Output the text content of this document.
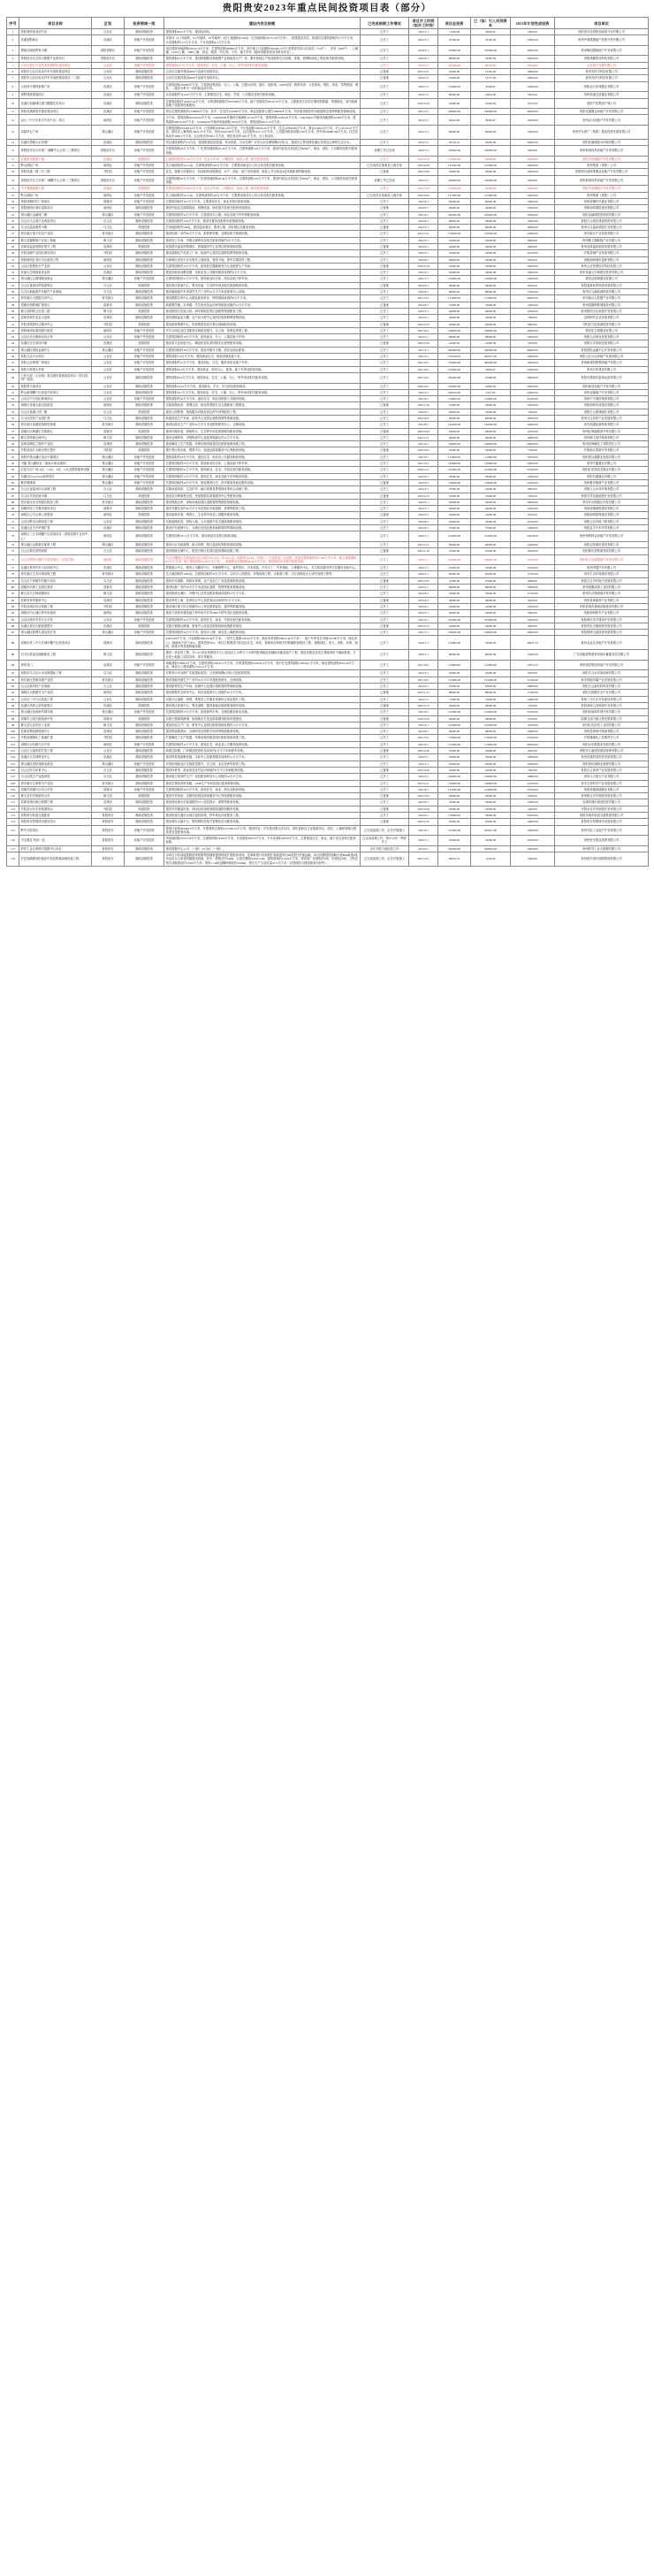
贵阳贵安2023年重点民间投资项目表（部分）
序号	项目名称	区划	投资领域一级	建设内容及规模	已完成前期工作情况	项目开工时间（拟开工时间）	项目总投资	已（拟）引入民间资本	2023年计划完成投资	项目单位
1	贵阳建塔加油加气站	云岩区	基础设施投资	建筑面积4021平方米，建设加油站。	已开工	2022/1/1	11020.00	8000.00	2000.00	贵阳省长局贵阳加油加气站有限公司
2	花溪富黔新区	花溪区	房地产开发投资	本项目（6-1号地块、6-2号地块、10号地块）3宗土地面积65.66亩（总用地面积43772.34平方米），拟建建设多层、拟建的总建筑面积约17万平方米，计容面积约12.5万平方米，不计容面积4.5万平方米。	已开工	2022/7/1	33160.00	33160.00	23842.00	贵州中城建置地产投资开发有限公司
3	观新区翰创教育小镇	贵阳观新区	房地产开发投资	项目建设用地面积106107.9平方米，总建筑面积368000平方米，其中地上计容面积263269.75平方米建设内容为含高层（374户）、洋房（498户）、公寓楼、LOFT公寓、5080公寓、商业、配套、幼儿园、小学、地下车库（地块项配套民营非机动车位）。	已开工	2019/3/1	370000.00	370000.00	20000.00	贵州翰创置地地产开发有限公司
4	贵阳经开区总部大数据产业园项目	贵阳经开区	基础设施投资	建筑面积23万平方米，建设数据服务基地暨产业基地及水产厂房、服务基地生产线及配套生活设施、设施、管网和绿化工程及相关配套设施。	已开工	2020/4/1	80000.00	35495.00	24000.00	贵阳鸿鹏智造科技有限公司
5	云岩区智汇产业技术成果转化建设项目	云岩区	房地产开发投资	建筑面积33.4万平方米，建设酒店、住宅、公寓、办公、停车场及相关配套设施。	已开工	2023/1/5	262606.00	86165.00	10000.00	云岩智产业置有限公司
6	贵阳市云岩区电动汽车充电桩建设项目	云岩区	基础设施投资	云岩区实施内建设2000个直流充电桩项目。	已备案	2023/12/1	10000.00	12302.00	10000.00	贵州充伊天科技有限公司
7	贵阳市云岩区电动汽车充电桩建设项目（二期）	云岩区	基础设施投资	云岩区实施内建设2000个直流充电桩项目。	已备案	2023/1/5	10000.00	13157.00	10000.00	贵州充伊天科技有限公司
8	大营营平奥特莱斯广场	花溪区	房地产开发投资	总建筑面积250000平方米，主要建设集酒店、办公、公寓、主题水乐园、超市、电影城、ODE乐园、教育培训、文化休闲、餐饮、美食、零售配套、餐饮、（建设为集中一体的商业部分体。	已开工	2023/1/5	110000.00	8438.00	15600.00	贵阳金石沐城置业有限公司
9	贵黔建筑基地项目	花溪区	房地产开发投资	计容面积约为12.67万平方米，主要建设住宅、商业、学校、公共服务及相关配套设施。	已开工	2023/1/5	80000.00	13834.00	4620.00	贵州高速交质置业有限公司
10	花溪区和越城住建与棚置住房项目	花溪区	基础设施投资	总建筑面积约105947.42平方米，计算建筑面积约79379.86平方米，地下室建筑约26537.07平方米，主要建设含各类安置房屋附属、景观绿化、室内装修及地下室配套设施建设。	已开工	2023/5/10	10600.00	10000.00	10779.67	贵阳产投集团产城公司
11	贵阳花溪瑞居安置房建设项目	花溪区	房地产开发投资	项目总建筑面积约1228000平方米，其中：住宅约1120000平方米，商业及配套公建约108000平方米，同步建设相应的市政道路及管网等配套基础设施。	已开工	2021/3/1	180000.00	180000.00	30000.00	贵阳花溪置业房地产开发有限公司
12	金元（中天未来方舟北片区）项目	南明区	房地产开发投资	平方米，建筑面积202229.62平方米，GD(20)028号地块宗地面积11744平方米，建筑面积74284.92平方米，GD(20)021号地净用地面积10399平方米，建筑面积48276.39平方米，GD(20)022号地净用地面积16784平方米，建筑面积6233.14平方米。	已开工	2023/1/5	62042.00	8000.00	10000.00	贵州金元房地产开发有限公司
13	英源华台广场	观山湖区	房地产开发投资	总建筑面积632449.61平方米，计容面积438264.16平方米，不计容面积196165.45平方米，住宅216828.89平方米，商业41645.6平方米，办公41252.97平方米，酒店式公寓物管10921.47平方米，幼托61947.98平方米，社区服务2417.15平方米，公共服务配套设施1310平方米，停车场186887.66平方米，住宅非机动车3882.2平方米，社区机动车630.1平方米，酒店机动车2621平方米，办公机动车。	已开工	2023/1/5	60000.00	60000.00	12000.00	贵州华台润广（集团）置业投资发展有限公司
14	花溪区思雅污水处理厂	花溪区	基础设施投资	项目建设面积约1.6万亩，配套相建设治管道，其余管道，污水处理厂日均污水处理规模6万吨/天，建成后主要处理花溪区及周边区域的生活污水。	已开工	2023/1/5	29102.16	20000.00	20000.00	贵阳花溪城源水环境有限公司
15	贵阳经开区百多栋厂/储藏中心合体二三期项目	贵阳经开区	房地产开发投资	总建筑面积20万平方米，厂化建用地面积20.44万平方米，总建筑面积122万平方米，建设内容包含高层住宅6064户，商业、酒店、公共服务及相关配套设施。	前期工作已完成	2023/1/5	700000.00	100000.00	6469.96	贵州新城冉昌房地产开发有限公司
16	花溪贵安健康小镇	花溪区	旅游投资	总建筑面积约23.40万平方米，包含平车场、公寓配套、商业公建、相关配套设施。	已开工	2023/5/10	170000.00	20000.00	30000.00	贵阳中昌溪地产开发有限公司
17	黔山国际广场	南明区	房地产开发投资	总占地面积约54.12亩，总建筑面积约4.9万平方米，主要建设商业办公综合体及相关配套设施。	已完成项目备案及土地手续	2023/4/20	127000.00	127000.00	10000.00	贵州集团（贵阳）公司
18	贵阳花溪一期二号三期	开阳县	房地产开发投资	住宅、智能与设施综合，同及配套设施建设、水产、商业、地下室设施项、商业公共空间及3及其他配套附属设施。	已备案	2023/3/20	23600.00	20000.00	10000.00	贵阳明氏绿珠珠置业房地产开发有限公司
19	贵阳经开区万多栋厂/储藏中心合体二三期项目	贵阳经开区	房地产开发投资	总建筑面积20万平方米，厂化建用地面积20.44万平方米，总建筑面积122万平方米，建设内容包含高层住宅6064户，商业、酒店、公共服务及相关配套设施。	前期工作已完成	2023/1/5	700000.00	100000.00	6469.96	贵州新城冉昌房地产开发有限公司
20	中天观溪健康小镇	花溪区	旅游投资	总建筑面积约23.40万平方米，包含平车场、公理配套、商业公建、相关配套设施。	已开工	2023/5/10	170000.00	20000.00	30000.00	贵阳中昌溪地产开发有限公司
21	黔山国际广场	南明区	房地产开发投资	总占地面积约54.12亩，总建筑面积约4.9万平方米，主要建设商业办公综合体及相关配套设施。	已完成项目备案及土地手续	2023/4/20	127000.00	127000.00	10000.00	贵州集团（贵阳）公司
22	贵阳清镇时代广场项目	清镇市	房地产开发投资	总建筑面积约18.5万平方米，主要建设住宅、商业及相关配套设施。	已开工	2022/6/1	85000.00	85000.00	12000.00	贵州清镇时代置业有限公司
23	贵阳南明区城市更新项目	南明区	基础设施投资	建设内容包含道路改造、管网改造、绿化提升及相关配套设施建设。	已备案	2023/2/1	46000.00	46000.00	15000.00	贵阳南明城投建设有限公司
24	观山湖区金融城三期	观山湖区	房地产开发投资	总建筑面积约32万平方米，主要建设办公楼、商业及地下车库等配套设施。	已开工	2021/9/1	220000.00	220000.00	35000.00	贵阳金融城投资发展有限公司
25	白云区大山洞片区改造项目	白云区	基础设施投资	总建筑面积约15.8万平方米，建设安置房及配套市政基础设施。	已开工	2022/4/1	68000.00	38000.00	14000.00	贵阳白云城市建设投资有限公司
26	乌当区温泉康养小镇	乌当区	旅游投资	总用地面积约520亩，建设温泉酒店、康养公寓、商业街区及配套设施。	已备案	2023/3/1	96000.00	96000.00	18000.00	贵州乌当温泉旅游开发有限公司
27	贵安新区电子信息产业园	贵安新区	基础设施投资	建设标准厂房约28万平方米，配套研发楼、仓储及相关基础设施。	已开工	2021/11/1	150000.00	150000.00	25000.00	贵安新区产业发展有限公司
28	修文县猕猴桃产业加工基地	修文县	基础设施投资	建设加工车间、冷链仓储库房及相关配套设施约6万平方米。	已开工	2022/3/1	32000.00	32000.00	8000.00	贵州修文猕猴桃产业有限公司
29	息烽县温泉度假区提升工程	息烽县	旅游投资	改造提升温泉度假酒店、游客服务中心及景区配套基础设施。	已备案	2023/4/1	42000.00	42000.00	9000.00	贵州息烽温泉旅游发展有限公司
30	开阳县硒产业园区建设项目	开阳县	基础设施投资	建设富硒农产品加工厂房、检测中心及园区道路管网等配套设施。	已开工	2022/5/1	55000.00	55000.00	11000.00	开阳县硒产业发展有限公司
31	贵阳南明区老旧小区改造工程	南明区	基础设施投资	对南明区老旧小区实施外立面改造、管线下地、停车位增设等工程。	已开工	2022/8/1	28000.00	18000.00	9500.00	贵阳南明城市更新有限公司
32	云岩区智慧医疗产业园	云岩区	基础设施投资	总建筑面积约12万平方米，建设医疗器械研发中心及配套生产车间。	已备案	2023/2/10	76000.00	76000.00	16000.00	贵州云岩智慧医疗科技有限公司
33	花溪大学城创新创业园	花溪区	基础设施投资	建设创新创业孵化楼、实验室及公共服务配套设施约9万平方米。	已开工	2022/2/1	63000.00	43000.00	13000.00	贵州花溪大学城建设投资有限公司
34	观山湖区会展城配套商业	观山湖区	房地产开发投资	总建筑面积约21万平方米，建设商业综合体、酒店及地下停车场。	已开工	2021/7/1	130000.00	130000.00	22000.00	贵阳会展城置业有限公司
35	白云区蓬莱仙界旅游景区	白云区	旅游投资	建设景区游客中心、观光步道、生态停车场及相关旅游配套设施。	已备案	2023/5/1	38000.00	38000.00	8500.00	贵阳蓬莱仙界旅游发展有限公司
36	乌当区新能源汽车配件产业基地	乌当区	基础设施投资	建设新能源汽车零部件生产厂房约14万平方米及配套办公设施。	已开工	2022/9/1	88000.00	88000.00	17000.00	贵州乌当新能源科技有限公司
37	贵安新区大数据交易中心	贵安新区	基础设施投资	建设数据交易中心大楼及配套机房、网络基础设施约8万平方米。	已开工	2021/12/1	115000.00	115000.00	20000.00	贵安新区大数据产业有限公司
38	清镇市职教城扩建项目	清镇市	基础设施投资	新建教学楼、实训楼、学生宿舍及运动场等配套设施约17万平方米。	已备案	2023/6/1	72000.00	52000.00	14500.00	贵州清镇职教城建设有限公司
39	修文县阳明文化园二期	修文县	旅游投资	建设阳明文化展示馆、研学基地及景区道路等旅游配套工程。	已开工	2022/7/1	46000.00	46000.00	10500.00	贵州阳明文化旅游开发有限公司
40	息烽县现代农业示范园	息烽县	基础设施投资	建设智能温室大棚、农产品分拣中心及园区配套路网管网设施。	已开工	2022/4/1	34000.00	34000.00	7800.00	息烽现代农业发展有限公司
41	开阳县旅游综合服务中心	开阳县	旅游投资	建设游客集散中心、民宿集群及相关景区基础配套设施。	已备案	2023/3/15	29000.00	29000.00	6800.00	开阳县文化旅游投资有限公司
42	贵阳南明花果园提升改造	南明区	房地产开发投资	对片区商业及住宅配套实施改造提升，含立面、管网及景观工程。	已开工	2021/10/1	168000.00	168000.00	26000.00	贵阳宏立城置业有限公司
43	云岩区北京路商业综合体	云岩区	房地产开发投资	总建筑面积约19万平方米，建设商业、办公、公寓及地下车库。	已开工	2022/1/1	98000.00	98000.00	19000.00	贵阳云岩商业发展有限公司
44	花溪区久安茶园小镇	花溪区	旅游投资	建设茶文化体验中心、精品民宿及茶园观光步道等配套设施。	已备案	2023/4/10	41000.00	41000.00	9200.00	贵阳久安茶旅发展有限公司
45	观山湖区国际金融中心	观山湖区	房地产开发投资	总建筑面积约36万平方米，建设甲级写字楼、酒店及商业配套。	已开工	2021/5/1	260000.00	260000.00	40000.00	贵阳国际金融中心开发有限公司
46	贵阳万达小水项目	云岩区	房地产开发投资	建筑面积110万平方米，建设商业住宅、配套设施及地下室。	已开工	2021/3/1	731100.00	290077.00	10000.00	贵阳云岩万达房地产发展有限公司
47	贵阳云岩翠苑广场项目	云岩区	房地产开发投资	建筑面积约75万平方米，建设商业、住宅、服务用房及地下车库。	已开工	2021/10/1	720000.00	490490.00	10000.00	贵州新城投银集团地产有限公司
48	贵阳万科观山华庭	云岩区	房地产开发投资	建筑面积20.3万平方米，建设商业、商务办公、配套、地下车库及配套设施。	已开工	2021/10/1	163000.00	9983.00	25000.00	贵州万科建设有限公司
49	人民大道（云岩段）周边城市更新改造项目（项目范围厂房段）	云岩区	基础设施投资	建筑面积26.4万平方米，建设商业、住宅、公寓、办公、停车场及相关配套设施。	已开工	2021/10/1	220000.00	67948.00	20000.00	贵阳市建城市更新运营有限公司
50	贵阳景天地项目	云岩区	基础设施投资	建筑面积16.45万平方米，建设商业、平台、幼儿园及配套商业。	已开工	2020/10/1	160000.00	14890.00	20000.00	贵阳南亚房地产开发有限公司
51	黔山新建棚户区改造开发项目	云岩区	基础设施投资	建筑面积16.7万平方米，建设商业、住宅、公寓、办公、停车场及相关配套设施。	已开工	2022/3/1	166370.00	3312.00	25000.00	贵州金隆地产开发有限公司
52	云岩区中天世纪新城项目	云岩区	房地产开发投资	建筑面积约23万平方米，建设住宅、商业及配套公共服务设施。	已开工	2021/6/1	118000.00	118000.00	21000.00	贵州中天城投集团有限公司
53	南明区花溪大道沿线改造	南明区	基础设施投资	实施道路拓宽、管网迁改、绿化景观提升及交通配套工程建设。	已备案	2023/1/20	52000.00	32000.00	12000.00	贵阳南明市政建设有限公司
54	白云区泉湖公园二期	白云区	旅游投资	建设公园景观、游客服务设施及周边停车场等配套工程。	已开工	2022/6/1	26000.00	16000.00	7000.00	贵阳白云园林绿化有限公司
55	乌当区医药产业园扩建	乌当区	基础设施投资	新建药品生产车间、质检中心及园区道路管网等基础设施。	已开工	2022/10/1	84000.00	84000.00	16500.00	贵州乌当医药产业发展有限公司
56	贵安新区高端装备制造基地	贵安新区	基础设施投资	建设标准化生产厂房约22万平方米及配套研发办公、仓储设施。	已开工	2021/8/1	142000.00	142000.00	24000.00	贵安高端装备制造有限公司
57	清镇市红枫湖生态旅游区	清镇市	旅游投资	建设环湖步道、游船码头、生态停车场及旅游服务配套设施。	已备案	2023/5/20	58000.00	58000.00	12500.00	贵州红枫湖旅游开发有限公司
58	修文县物流仓储中心	修文县	基础设施投资	建设仓储库房、冷链物流中心及配套装卸区约11万平方米。	已开工	2022/11/1	49000.00	49000.00	10800.00	贵州修文现代物流有限公司
59	息烽县磷化工循环产业园	息烽县	基础设施投资	建设磷化工生产装置、环保处理设施及园区配套基础设施工程。	已开工	2021/9/1	196000.00	196000.00	28000.00	贵州息烽磷化工有限责任公司
60	开阳县南江大峡谷景区提升	开阳县	旅游投资	提升景区游步道、观景平台、索道及游客服务中心等配套设施。	已备案	2023/2/25	33000.00	33000.00	7500.00	开阳南江旅游开发有限公司
61	贵阳市观山湖区电水小镇项目	观山湖区	房地产开发投资	建筑面积约18万平方米，建设住宅、商业及公共服务配套设施。	已开工	2021/4/1	112000.00	112000.00	18500.00	贵阳观山湖置业发展有限公司
62	中鑫·观山湖项目（原南太商业地块）	观山湖区	房地产开发投资	总建筑面积约25万平方米，建设商业综合体、公寓及地下停车库。	已开工	2021/12/1	146000.00	146000.00	23000.00	贵州中鑫置业有限公司
63	红星天沙广场·A区、C2区、E区、G区及教育配套设施	观山湖区	房地产开发投资	总建筑面积约41万平方米，建设商业、住宅、学校及相关配套设施。	已开工	2020/11/1	215000.00	215000.00	31000.00	贵阳红星美凯龙置业有限公司
64	东湖社区G21-021地块项目	观山湖区	房地产开发投资	总建筑面积约13万平方米，建设住宅、商业及地下车库配套设施。	已开工	2022/5/1	78000.00	78000.00	15000.00	贵阳东湖置业有限公司
65	紫岸健康城	观山湖区	房地产开发投资	总建筑面积约29万平方米，建设康养住宅、医疗配套及商业服务设施。	已备案	2023/3/5	158000.00	158000.00	24500.00	贵州紫岸健康产业有限公司
66	白云区麦架河综合治理工程	白云区	基础设施投资	实施河道清淤、生态护岸、截污管网及景观绿化等综合治理工程。	已开工	2022/3/1	37000.00	22000.00	9800.00	贵阳白云水务环境有限公司
67	乌当区羊昌花画小镇	乌当区	旅游投资	建设花卉种植观光园、民宿集群及游客服务中心等配套设施。	已备案	2023/4/15	31000.00	31000.00	7200.00	贵阳羊昌花画旅游开发有限公司
68	贵安新区综合保税区配套工程	贵安新区	基础设施投资	建设保税仓库、查验场地及园区道路管网等配套基础设施。	已开工	2022/2/1	92000.00	92000.00	18000.00	贵安综合保税区开发有限公司
69	清镇市职工安置房建设项目	清镇市	基础设施投资	建设安置住房约16万平方米及相应市政道路、管网等配套工程。	已开工	2022/7/1	64000.00	44000.00	13500.00	贵州清镇城投建设有限公司
70	南明区云关山林公园建设	南明区	旅游投资	建设森林步道、观景台、生态停车场及公园服务配套设施。	已备案	2023/5/5	24000.00	14000.00	6500.00	贵阳南明园林建设有限公司
71	云岩区黔灵山路改造工程	云岩区	基础设施投资	实施道路改造、管线入地、人行道提升及交通设施配套建设。	已开工	2022/8/1	43000.00	23000.00	11000.00	贵阳云岩市政工程有限公司
72	花溪区孟关汽贸城扩建	花溪区	基础设施投资	建设汽车展销中心、仓储区及园区配套道路管网等基础设施。	已开工	2022/4/1	57000.00	57000.00	12800.00	贵阳孟关汽车贸易有限公司
73	南明区三江本城棚户区改造项目（建筑范围不含同中心）	南明区	基础设施投资	总建筑面积79.71万平方米，建设商品房及相关配套设施。	已开工	2020/1/1	103000.00	103000.00	26250.00	贵州保利物业房地产开发有限公司
74	观山湖区金阳新区配套工程	观山湖区	基础设施投资	建设片区市政道路、排水管网、路灯及绿化等配套基础设施。	已开工	2021/11/1	69000.00	49000.00	14200.00	贵阳金阳城市建设有限公司
75	白云区都拉营物流园	白云区	基础设施投资	建设物流仓储中心、配送分拣区及园区配套基础设施工程。	已备案	2023/1/10	47000.00	47000.00	10200.00	贵阳都拉营物流发展有限公司
76	白云区观风台棚户区改造项目（含加学校）	南明区	基础设施投资	白云区棚改区总改造项目区占地总187.9亩，约122.7亩，拆除单元4.64，约拆十八户及改造厂区范围，改造后建筑面积约17.80万平方米（地上建筑面积8.5万平方米，地下建筑面积12.00万平方米），新建商业设施面积0.68万平方米，建设商品房及相关配套设施。	已开工	2020/1/1	160000.00	160000.00	15000.00	贵州世丰金源置地产开发有限公司
77	花溪区贵州汽车文化体验中心	花溪区	基础设施投资	铁展展示中心、教育上市服务中心、车辆销售中心、备件供应、汽车改装、汽车卡丁、汽车保险、上牌服务中心、车主娱乐服务等方位服务体验中心。	已开工	2020/1/1	10000.00	10000.00	12500.00	贵州李霆汽车有限公司
78	贵安新区生态环境治理工程	贵安新区	基础设施投资	总占地面积约1200亩，总建筑面积约32万平方米，含综合公园建设、环境治理工程、水资源工程、片区治理及水土流失治理工程等。	已开工	2020/1/1	82000.00	82000.00	17500.00	贵安生态环境建设有限公司
79	乌当区下坝镇乡村振兴项目	乌当区	基础设施投资	建设乡村道路、供排水管网、农产品加工厂房及旅游配套设施。	已备案	2023/3/25	27000.00	27000.00	6900.00	贵阳乌当乡村振兴发展有限公司
80	清镇市站街工业园区建设	清镇市	基础设施投资	建设标准厂房约18万平方米及园区道路、管网等配套基础设施。	已开工	2022/1/1	86000.00	86000.00	16800.00	贵州清镇站街工业园有限公司
81	修文县久长物流港项目	修文县	基础设施投资	建设物流仓储区、冷链中心及货运配套基础设施约13万平方米。	已开工	2022/6/1	53000.00	53000.00	11500.00	贵州久长物流港开发有限公司
82	息烽县养老康养中心	息烽县	基础设施投资	建设养老公寓、医养结合中心及配套活动场所约7万平方米。	已备案	2023/4/5	36000.00	36000.00	8200.00	贵州息烽康养产业有限公司
83	开阳县城区综合管廊工程	开阳县	基础设施投资	建设城区地下综合管廊约12公里及配套监控、通风等附属设施。	已开工	2022/9/1	61000.00	41000.00	13200.00	开阳县城市基础设施建设有限公司
84	南明区中心城区停车场建设	南明区	基础设施投资	建设立体停车楼及地下停车场共计约3000个停车泊位及配套设施。	已开工	2022/5/1	39000.00	29000.00	9600.00	贵阳南明停车产业有限公司
85	云岩区渔安安井片区开发	云岩区	房地产开发投资	总建筑面积约42万平方米，建设住宅、商业、学校及相关配套设施。	已开工	2021/2/1	235000.00	235000.00	33000.00	贵阳渔安安井建设开发有限公司
86	花溪区青岩古镇旅游提升	花溪区	旅游投资	实施古镇街区修缮、游客中心改造及旅游基础设施配套建设。	已备案	2023/2/15	44000.00	44000.00	9900.00	贵阳青岩古镇旅游发展有限公司
87	观山湖区数博大道沿线开发	观山湖区	房地产开发投资	总建筑面积约34万平方米，建设办公楼、商业及公寓配套设施。	已开工	2021/7/1	198000.00	198000.00	29000.00	贵阳数博大道投资发展有限公司
88	清镇市老二中片区城市棚户区改造项目	清镇市	基础设施投资	43053.49平方米，计容面积306223.49平方米，（其中已建面278242平方米，商业用来面积29031.49平方米），地下车库及总用地113180平方米，绿化率1.5，绿地率不低于30%，建筑密度30%，项目主要建设内容包括住宅、商业、管理用房和相关的附属配套建设工程、道路绿化、电力、消防、环保、照明、给排水等其他附属设施。	已开工	2020/1/1	150083.00	33000.00	29021.23	贵州金益凡房地产开发有限公司
89	白马山供电站储能配电工程	修文县	基础设施投资	建设一条变电工程，长7.4公里至贵建线平与公变电站上水库与下水库的配套输变及辅助功能改造产工程，建设老建及变电主要配套用于辅助基建、方位取土地施工或防洪风、供水等服务。	已开工	2020/1/1	60000.00	60000.00	15000.00	广东省能源集团贵州抽水蓄能发电有限公司
90	贵州龙门	息烽县	房地产开发投资	用地面积73869.9平方米，总建筑面积276197.3平方米，计算建筑面积247624.6平方米，高中住宅建筑面积228744.1平方米，商业建筑面积5935.26平方米，商业办公建筑面积1510.12平方米。	已开工	2021/10/1	110000.00	110000.00	16372.32	贵州建设集团房地产开发有限公司
91	贵阳市乌当区污水处理提标工程	乌当区	基础设施投资	对现有污水处理厂实施提标改造，日处理规模8万吨/天及配套管网。	已开工	2022/3/1	35000.00	25000.00	9100.00	贵阳乌当水环境治理有限公司
92	贵安新区智能终端产业园	贵安新区	基础设施投资	建设智能终端生产厂房约19万平方米及配套研发、仓储设施。	已开工	2021/10/1	125000.00	125000.00	21500.00	贵安智能终端产业发展有限公司
93	白云区新材料产业基地	白云区	基础设施投资	建设新材料生产车间、检测中心及园区道路管网等基础设施。	已开工	2022/2/1	97000.00	97000.00	18800.00	贵阳白云新材料科技有限公司
94	南明区大数据安全产业园	南明区	基础设施投资	建设数据安全研发中心、机房及配套办公设施约10万平方米。	已备案	2023/1/15	88000.00	88000.00	17200.00	贵阳大数据安全产业有限公司
95	云岩区三马片区改造工程	云岩区	基础设施投资	实施片区道路、管网、景观及公共服务设施综合改造提升工程。	已开工	2022/7/1	71000.00	51000.00	14800.00	贵阳三马片区开发建设有限公司
96	花溪区高坡云顶草原景区	花溪区	旅游投资	建设景区游客中心、观光道路、露营基地及旅游配套服务设施。	已备案	2023/5/15	30000.00	30000.00	7100.00	贵阳高坡云顶旅游开发有限公司
97	观山湖区西南商贸城升级	观山湖区	房地产开发投资	总建筑面积约27万平方米，建设商贸市场、仓储及配套商业设施。	已开工	2021/9/1	152000.00	152000.00	25500.00	贵阳西南商贸城开发有限公司
98	清镇市卫城古镇旅游开发	清镇市	旅游投资	实施古镇建筑修缮、旅游街区打造及游客服务配套设施建设。	已备案	2023/3/10	28000.00	28000.00	6700.00	清镇卫城古镇文旅发展有限公司
99	修文县扎佐医药工业园	修文县	基础设施投资	建设药品生产厂房、研发中心及园区配套基础设施约15万平方米。	已开工	2022/4/1	105000.00	105000.00	19500.00	贵州扎佐医药工业园有限公司
100	息烽县集装箱物流中心	息烽县	基础设施投资	建设集装箱堆场、仓储库房及铁路专用线等物流配套设施。	已开工	2022/8/1	48000.00	48000.00	10600.00	贵州息烽现代物流有限公司
101	开阳县磷煤化工基地扩建	开阳县	基础设施投资	扩建磷化工生产装置、环保治理设施及园区配套基础设施工程。	已开工	2021/12/1	178000.00	178000.00	27000.00	开阳磷煤化工有限责任公司
102	南明区水东路片区开发	南明区	房地产开发投资	总建筑面积约31万平方米，建设住宅、商业及公共服务配套设施。	已开工	2021/6/1	172000.00	172000.00	26500.00	贵阳水东路置业发展有限公司
103	云岩区儿童医院扩建工程	云岩区	基础设施投资	新建住院楼、门诊楼及配套医技用房约6万平方米和停车设施。	已备案	2023/2/20	42000.00	22000.00	9400.00	贵阳市儿童医院建设管理有限公司
104	花溪区大学城科创中心	花溪区	基础设施投资	建设科技创新孵化楼、实验中心及配套服务设施约12万平方米。	已开工	2022/5/1	79000.00	79000.00	15800.00	贵州花溪科创投资发展有限公司
105	观山湖区世纪城商业改造	观山湖区	房地产开发投资	对世纪城商业区实施改造提升，含立面、业态及停车配套工程。	已开工	2022/1/1	93000.00	93000.00	18200.00	贵阳世纪城商业管理有限公司
106	白云区综合体育中心	白云区	基础设施投资	建设体育馆、游泳馆及室外运动场地约5万平方米和配套设施。	已备案	2023/4/20	32000.00	22000.00	7600.00	贵阳白云体育产业发展有限公司
107	乌当区航空产业配套园	乌当区	基础设施投资	建设航空零部件生产厂房及配套研发办公设施约14万平方米。	已开工	2022/3/1	108000.00	108000.00	19800.00	贵州乌当航空产业有限公司
108	贵安新区生命科学产业园	贵安新区	基础设施投资	建设生物医药研发楼、GMP生产车间及园区配套基础设施。	已开工	2021/11/1	136000.00	136000.00	22500.00	贵安生命科学产业发展有限公司
109	清镇市滨湖片区综合开发	清镇市	房地产开发投资	总建筑面积约26万平方米，建设住宅、商业、酒店及配套设施。	已开工	2021/8/1	143000.00	143000.00	23500.00	贵州清镇滨湖置业有限公司
110	修文县乡村旅游综合体	修文县	旅游投资	建设乡村民宿、农耕体验园及游客服务中心等旅游配套设施。	已备案	2023/5/25	26000.00	26000.00	6300.00	贵州修文乡村旅游发展有限公司
111	息烽县城北新区路网工程	息烽县	基础设施投资	建设城北新区市政道路约15公里及排水、照明等配套设施。	已开工	2022/6/1	54000.00	34000.00	11800.00	息烽县城市建设投资有限公司
112	开阳县水东乡舍旅游项目	开阳县	旅游投资	建设乡村精品民宿、休闲农场及配套旅游道路和服务设施。	已备案	2023/3/30	23000.00	23000.00	5900.00	开阳水东乡舍旅游开发有限公司
113	贵阳贵安轨道交通配套	贵阳贵安	基础设施投资	建设轨道交通站点周边接驳设施、停车场及市政配套工程。	已开工	2022/2/1	118000.00	78000.00	20500.00	贵阳市城市轨道交通集团有限公司
114	贵阳贵安智慧城市建设项目	贵阳贵安	基础设施投资	建设城市大脑平台、感知网络及相关智慧化应用配套设施。	已备案	2023/1/25	67000.00	67000.00	14600.00	贵阳贵安智慧城市发展有限公司
115	黔中天阶项目	贵阳贵安	房地产开发投资	规划计容积645099.3平方米，计算建筑总面积1151466.41平方米，建设内容：平安建设要点综合体、城市更新及文化旅游项目，酒店、公寓和管理合建设适宜及配套设施。	已完成前期工作，正在开展施工	2021/6/1	727000.00	229021.00	10000.00	贵州天际了达地产开发有限公司
116	中交置业·科创一品	贵阳贵安	房地产开发投资	净用地面积27037.06平方米，总建筑面积76292平方米，计容面积58274平方米，不计容面积18018平方米，主要建设住宅、商业、地下室及其相关配套设施。	已完成前期工作，预计22年一季度开工	2022/1/1	55000.00	55000.00	12000.00	贵州贵安置业投资有限公司
117	轩祥工业互联网大数据中心项目	贵阳贵安	基础设施投资	建设数据中心1.1万（一期）/15万㎡（一期）。	正在开展土地征收工作	2023/6/1	500000.00	500000.00	10000.00	贵州轩祥工业大数据有限公司
118	沪昆线湖潭贵阳枢纽中段及附属设施设备工程	贵阳贵安	基础设施投资	本项目为符前接铁路国家铁路物资储备提供的改扩建配套用排，包事新建计划贵铁扩能改建项目H线进行快速运输，项目前期国铁战略计划6Hz新建3座货运站台合单及附属通讯设备，其中：铁路长约549m，台基长槽改526m×24m，建筑面积约12204平方米，草房前厂房面积约9省；东城及区域；工程变相关适地建设约17260平方米；既有1~4a轨道横块修改约20.60m，相关生产生活房量2372平方米（含管理综合楼及配套用房等）。	已完成前期工作，正在开展施工	2021/12/1	28010.31	1045.00	4000.00	贵州贵安现代铁路物流有限公司
